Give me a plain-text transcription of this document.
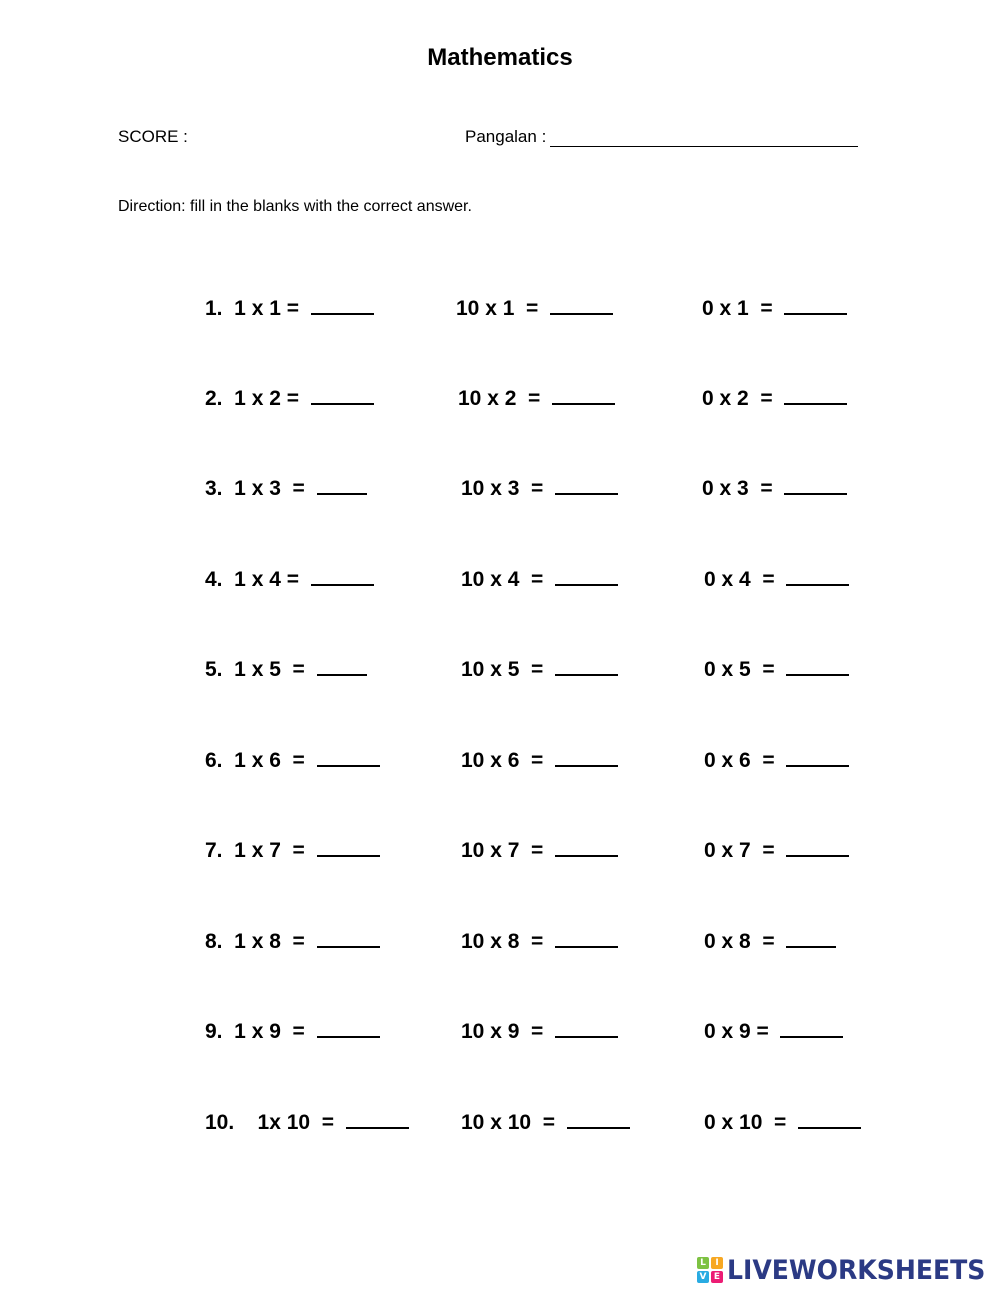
Mathematics
SCORE :	Pangalan :
Direction: fill in the blanks with the correct answer.
1.  1 x 1 =	10 x 1  =	0 x 1  =
2.  1 x 2 =	10 x 2  =	0 x 2  =
3.  1 x 3  =	10 x 3  =	0 x 3  =
4.  1 x 4 =	10 x 4  =	0 x 4  =
5.  1 x 5  =	10 x 5  =	0 x 5  =
6.  1 x 6  =	10 x 6  =	0 x 6  =
7.  1 x 7  =	10 x 7  =	0 x 7  =
8.  1 x 8  =	10 x 8  =	0 x 8  =
9.  1 x 9  =	10 x 9  =	0 x 9 =
10.    1x 10  =	10 x 10  =	0 x 10  =
L	I
V E LIVEWORKSHEETS
